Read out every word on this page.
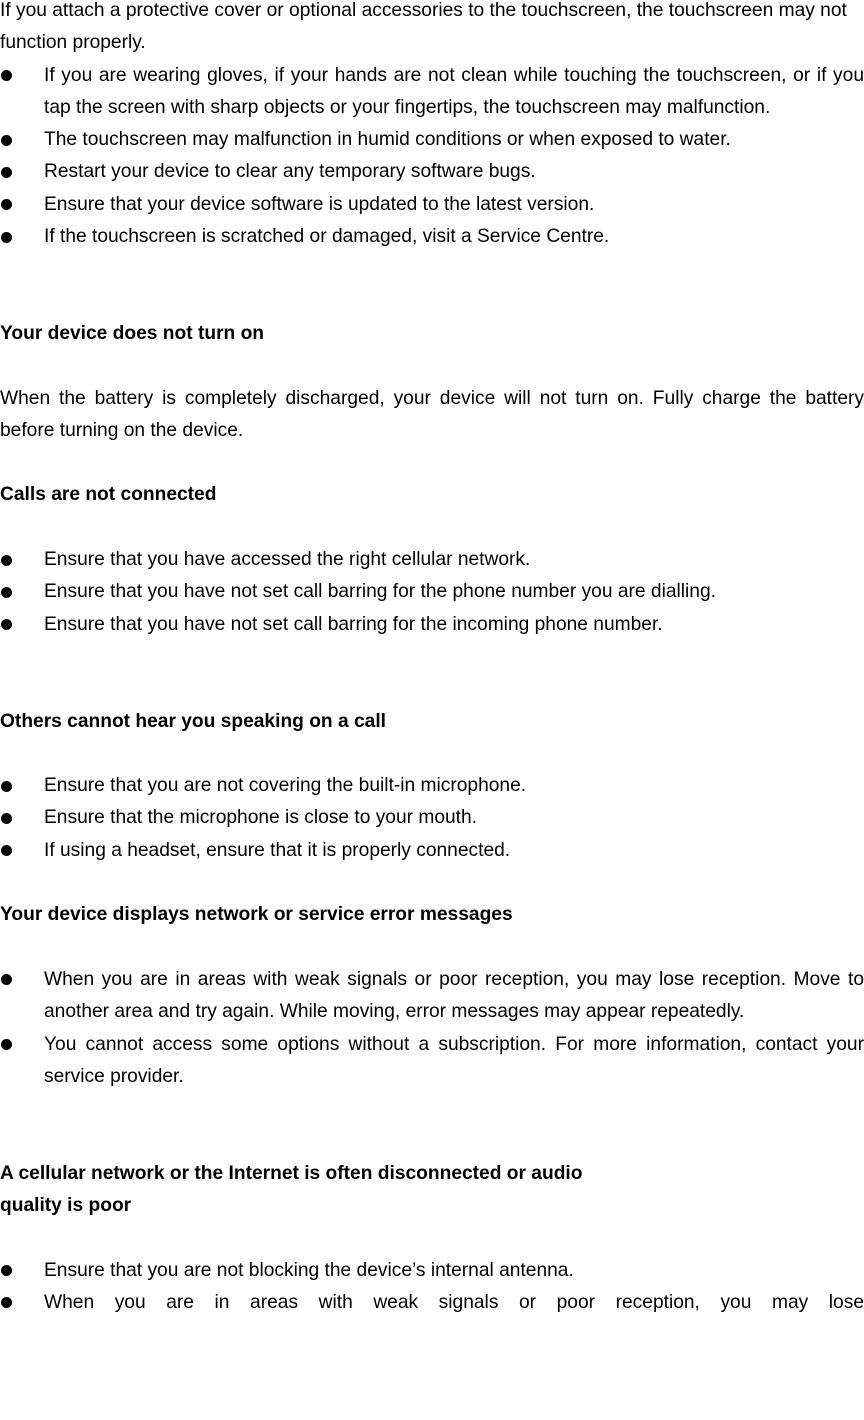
If you attach a protective cover or optional accessories to the touchscreen, the touchscreen may not function properly.

If you are wearing gloves, if your hands are not clean while touching the touchscreen, or if you tap the screen with sharp objects or your fingertips, the touchscreen may malfunction.
The touchscreen may malfunction in humid conditions or when exposed to water.
Restart your device to clear any temporary software bugs.
Ensure that your device software is updated to the latest version.
If the touchscreen is scratched or damaged, visit a Service Centre.

Your device does not turn on

When the battery is completely discharged, your device will not turn on. Fully charge the battery before turning on the device.

Calls are not connected

Ensure that you have accessed the right cellular network.
Ensure that you have not set call barring for the phone number you are dialling.
Ensure that you have not set call barring for the incoming phone number.

Others cannot hear you speaking on a call

Ensure that you are not covering the built-in microphone.
Ensure that the microphone is close to your mouth.
If using a headset, ensure that it is properly connected.

Your device displays network or service error messages

When you are in areas with weak signals or poor reception, you may lose reception. Move to another area and try again. While moving, error messages may appear repeatedly.
You cannot access some options without a subscription. For more information, contact your service provider.

A cellular network or the Internet is often disconnected or audio

quality is poor

Ensure that you are not blocking the device’s internal antenna.
When you are in areas with weak signals or poor reception, you may lose
